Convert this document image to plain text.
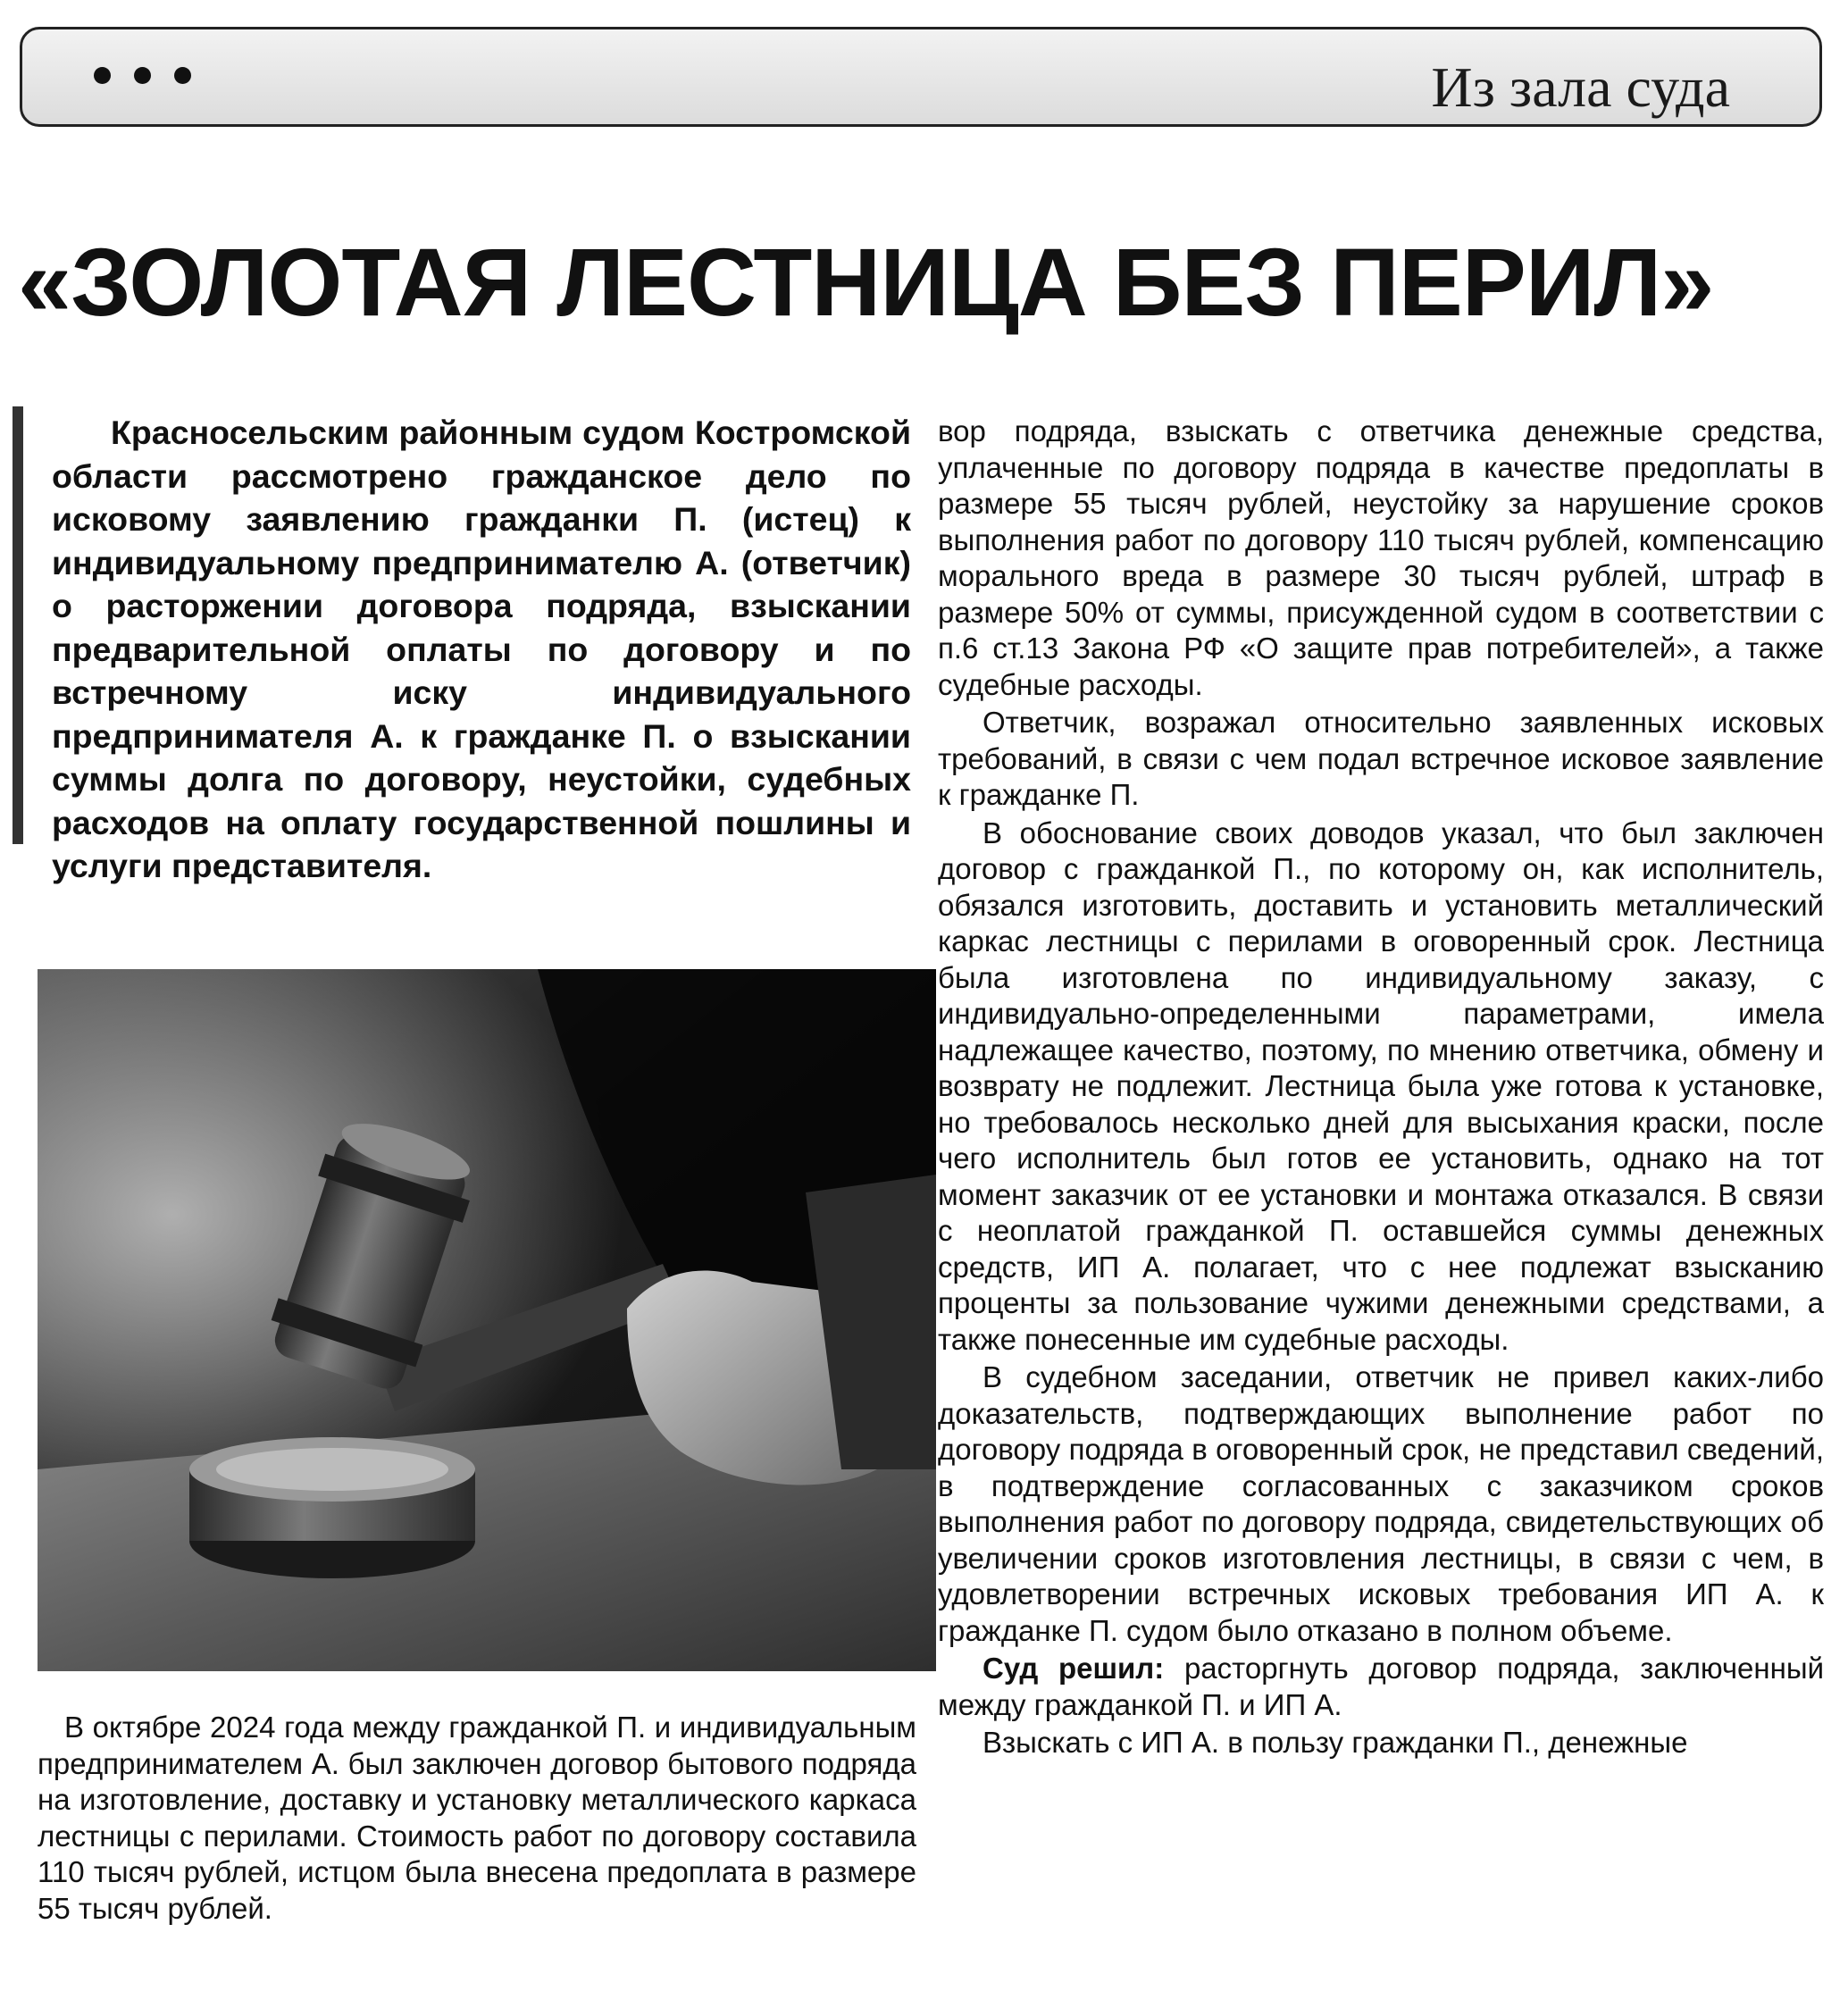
Из зала суда
«ЗОЛОТАЯ ЛЕСТНИЦА БЕЗ ПЕРИЛ»

Красносельским районным судом Костромской области рассмотрено гражданское дело по исковому заявлению гражданки П. (истец) к индивидуальному предпринимателю А. (ответчик) о расторжении договора подряда, взыскании предварительной оплаты по договору и по встречному иску индивидуального предпринимателя А. к гражданке П. о взыскании суммы долга по договору, неустойки, судебных расходов на оплату государственной пошлины и услуги представителя.

В октябре 2024 года между гражданкой П. и индивидуальным предпринимателем А. был заключен договор бытового подряда на изготовление, доставку и установку металлического каркаса лестницы с перилами. Стоимость работ по договору составила 110 тысяч рублей, истцом была внесена предоплата в размере 55 тысяч рублей.

вор подряда, взыскать с ответчика денежные средства, уплаченные по договору подряда в качестве предоплаты в размере 55 тысяч рублей, неустойку за нарушение сроков выполнения работ по договору 110 тысяч рублей, компенсацию морального вреда в размере 30 тысяч рублей, штраф в размере 50% от суммы, присужденной судом в соответствии с п.6 ст.13 Закона РФ «О защите прав потребителей», а также судебные расходы.

Ответчик, возражал относительно заявленных исковых требований, в связи с чем подал встречное исковое заявление к гражданке П.

В обоснование своих доводов указал, что был заключен договор с гражданкой П., по которому он, как исполнитель, обязался изготовить, доставить и установить металлический каркас лестницы с перилами в оговоренный срок. Лестница была изготовлена по индивидуальному заказу, с индивидуально-определенными параметрами, имела надлежащее качество, поэтому, по мнению ответчика, обмену и возврату не подлежит. Лестница была уже готова к установке, но требовалось несколько дней для высыхания краски, после чего исполнитель был готов ее установить, однако на тот момент заказчик от ее установки и монтажа отказался. В связи с неоплатой гражданкой П. оставшейся суммы денежных средств, ИП А. полагает, что с нее подлежат взысканию проценты за пользование чужими денежными средствами, а также понесенные им судебные расходы.

В судебном заседании, ответчик не привел каких-либо доказательств, подтверждающих выполнение работ по договору подряда в оговоренный срок, не представил сведений, в подтверждение согласованных с заказчиком сроков выполнения работ по договору подряда, свидетельствующих об увеличении сроков изготовления лестницы, в связи с чем, в удовлетворении встречных исковых требования ИП А. к гражданке П. судом было отказано в полном объеме.

Суд решил: расторгнуть договор подряда, заключенный между гражданкой П. и ИП А.

Взыскать с ИП А. в пользу гражданки П., денежные
